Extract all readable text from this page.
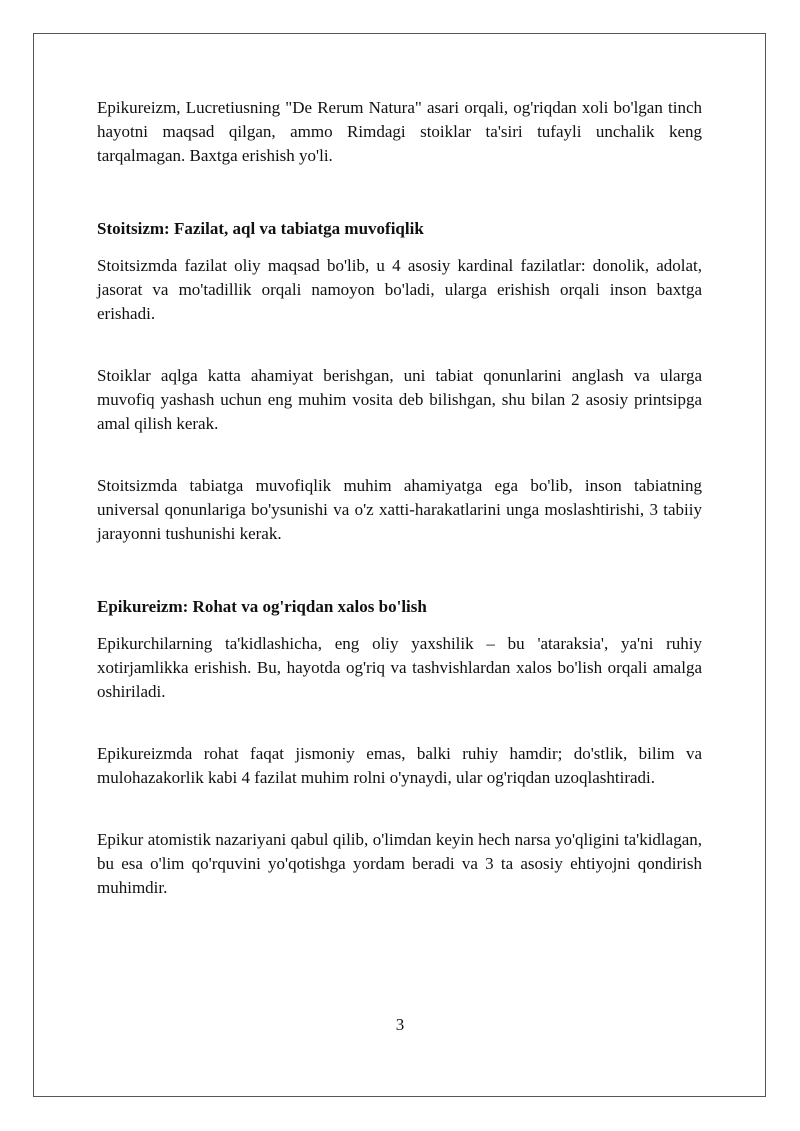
Epikureizm, Lucretiusning "De Rerum Natura" asari orqali, og'riqdan xoli bo'lgan tinch hayotni maqsad qilgan, ammo Rimdagi stoiklar ta'siri tufayli unchalik keng tarqalmagan. Baxtga erishish yo'li.

Stoitsizm: Fazilat, aql va tabiatga muvofiqlik

Stoitsizmda fazilat oliy maqsad bo'lib, u 4 asosiy kardinal fazilatlar: donolik, adolat, jasorat va mo'tadillik orqali namoyon bo'ladi, ularga erishish orqali inson baxtga erishadi.

Stoiklar aqlga katta ahamiyat berishgan, uni tabiat qonunlarini anglash va ularga muvofiq yashash uchun eng muhim vosita deb bilishgan, shu bilan 2 asosiy printsipga amal qilish kerak.

Stoitsizmda tabiatga muvofiqlik muhim ahamiyatga ega bo'lib, inson tabiatning universal qonunlariga bo'ysunishi va o'z xatti-harakatlarini unga moslashtirishi, 3 tabiiy jarayonni tushunishi kerak.

Epikureizm: Rohat va og'riqdan xalos bo'lish

Epikurchilarning ta'kidlashicha, eng oliy yaxshilik – bu 'ataraksia', ya'ni ruhiy xotirjamlikka erishish. Bu, hayotda og'riq va tashvishlardan xalos bo'lish orqali amalga oshiriladi.

Epikureizmda rohat faqat jismoniy emas, balki ruhiy hamdir; do'stlik, bilim va mulohazakorlik kabi 4 fazilat muhim rolni o'ynaydi, ular og'riqdan uzoqlashtiradi.

Epikur atomistik nazariyani qabul qilib, o'limdan keyin hech narsa yo'qligini ta'kidlagan, bu esa o'lim qo'rquvini yo'qotishga yordam beradi va 3 ta asosiy ehtiyojni qondirish muhimdir.

3
